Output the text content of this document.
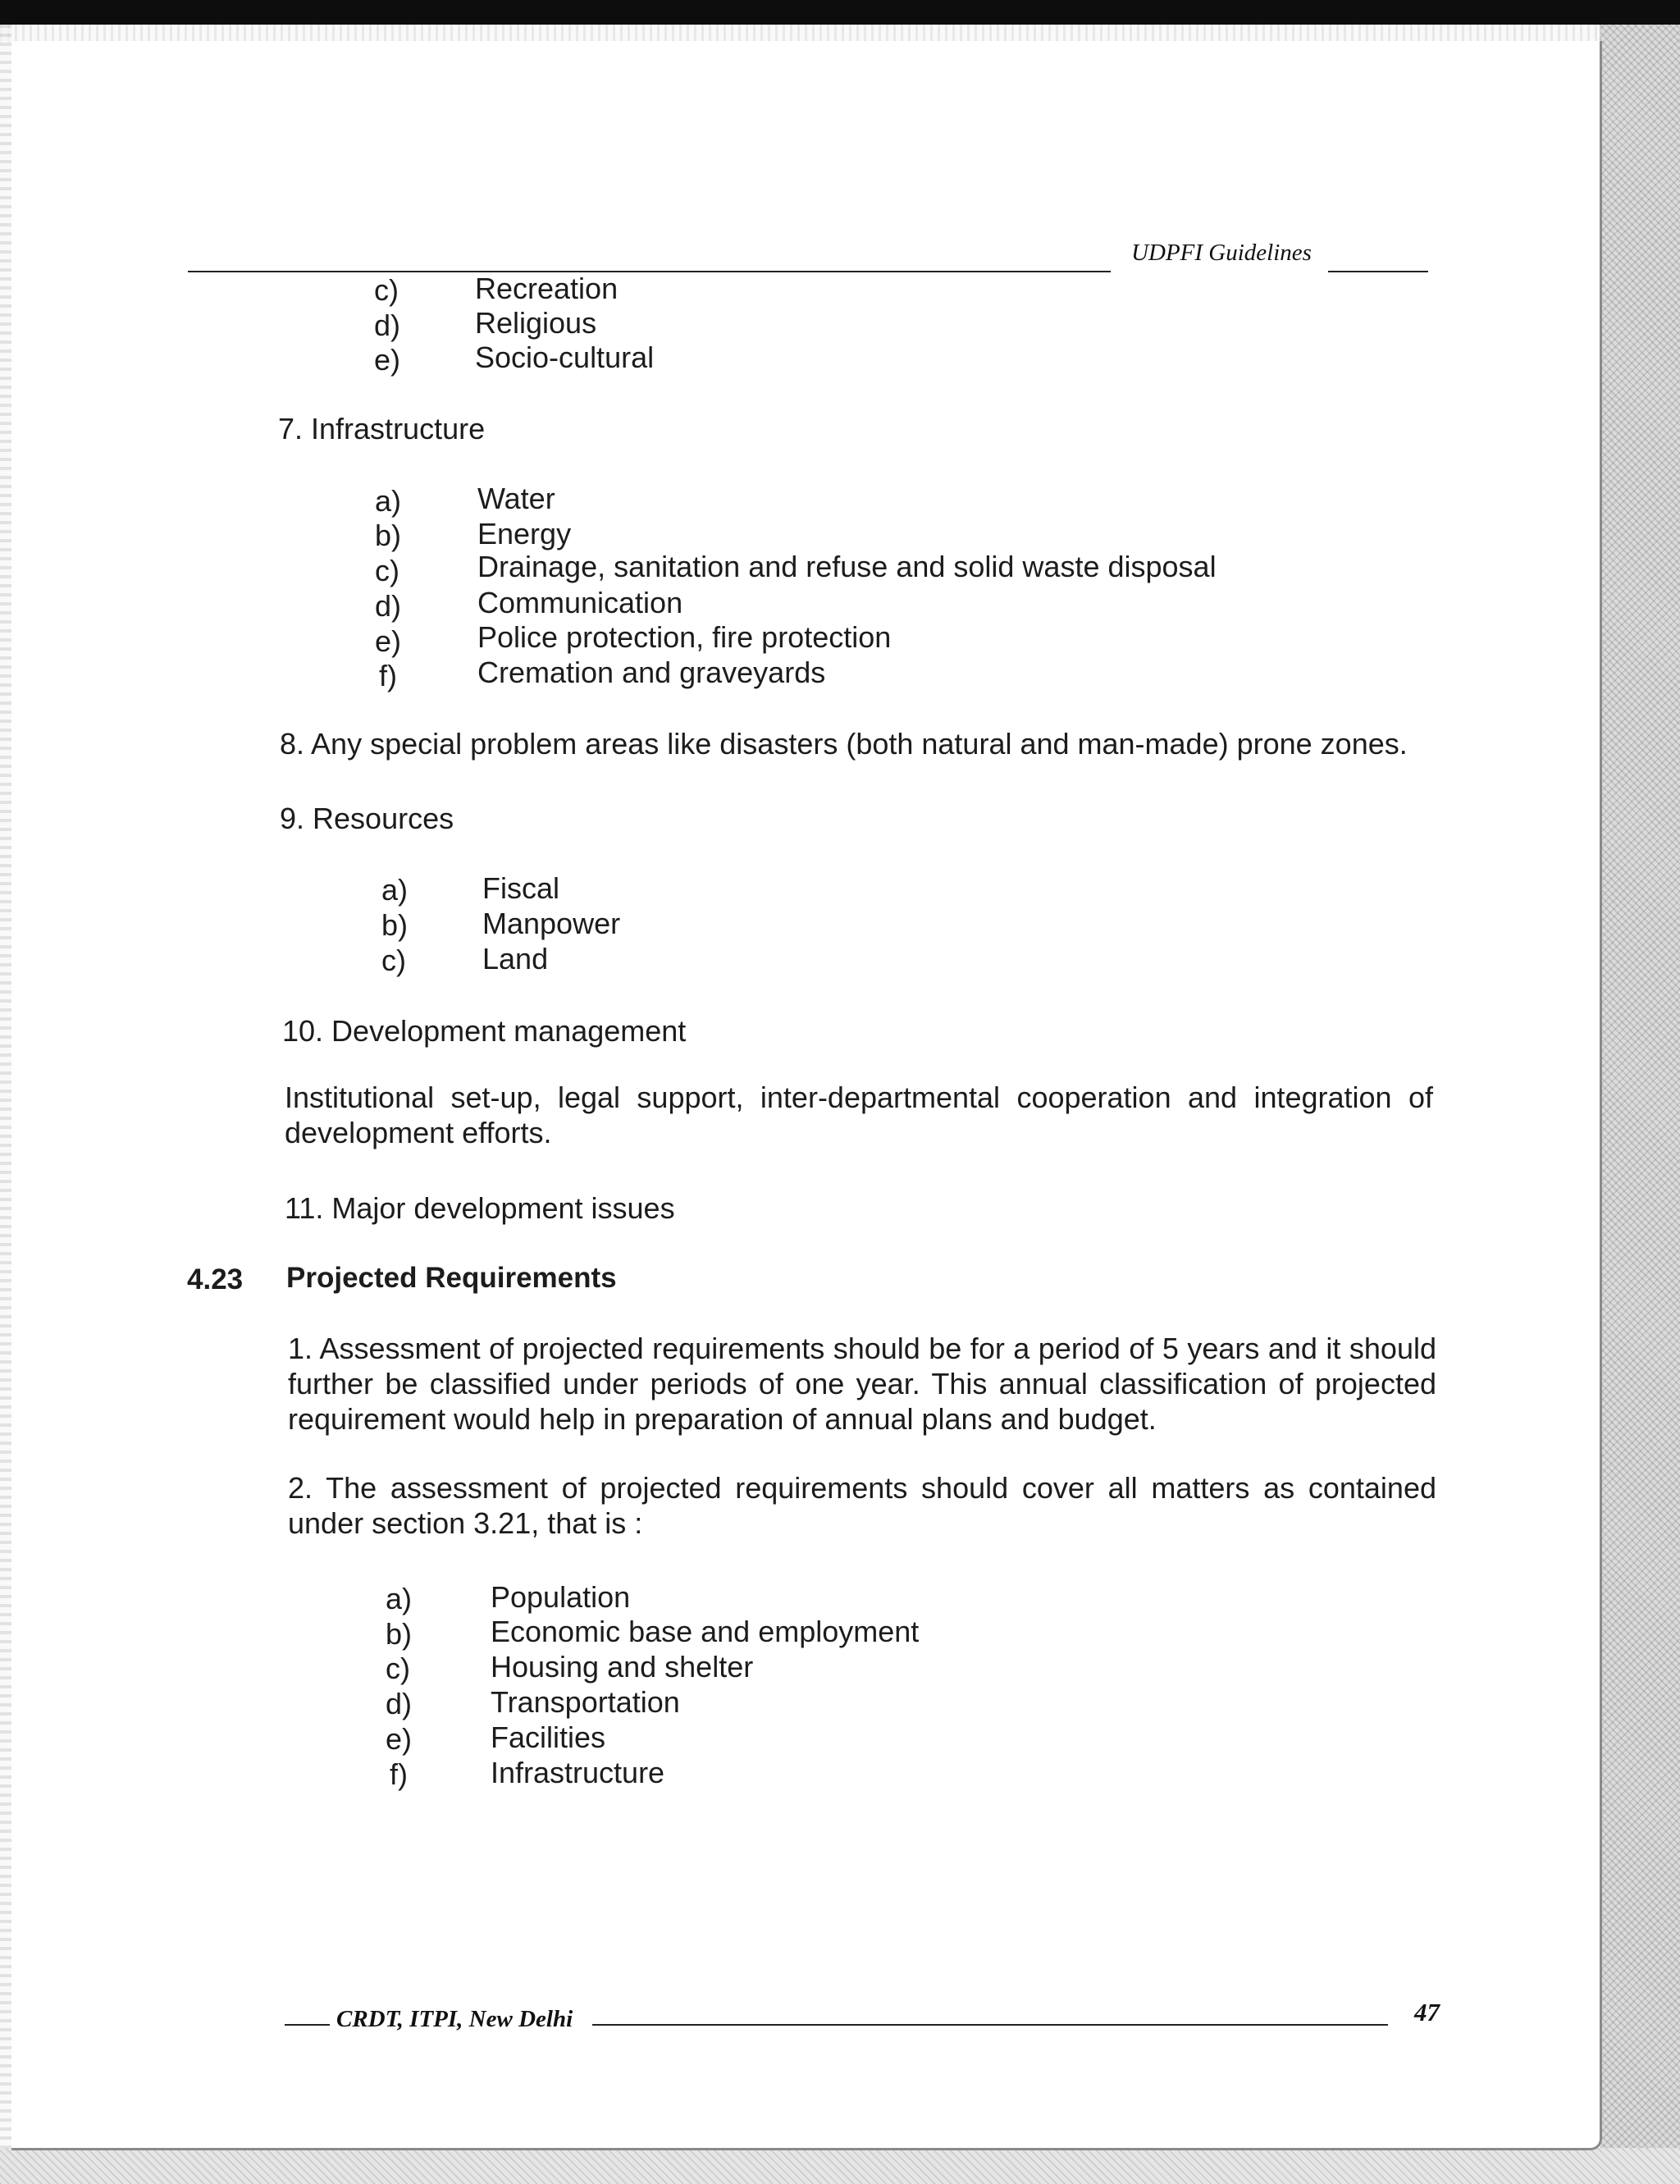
UDPFI Guidelines
c)	Recreation
d)	Religious
e)	Socio-cultural
7. Infrastructure
a)	Water
b)	Energy
c)	Drainage, sanitation and refuse and solid waste disposal
d)	Communication
e)	Police protection, fire protection
f)	Cremation and graveyards
8. Any special problem areas like disasters (both natural and man-made) prone zones.
9. Resources
a)	Fiscal
b)	Manpower
c)	Land
10. Development management
Institutional set-up, legal support, inter-departmental cooperation and integration of development efforts.
11. Major development issues
4.23 Projected Requirements
1. Assessment of projected requirements should be for a period of 5 years and it should further be classified under periods of one year. This annual classification of projected requirement would help in preparation of annual plans and budget.
2. The assessment of projected requirements should cover all matters as contained under section 3.21, that is :
a)	Population
b)	Economic base and employment
c)	Housing and shelter
d)	Transportation
e)	Facilities
f)	Infrastructure
CRDT, ITPI, New Delhi	47
